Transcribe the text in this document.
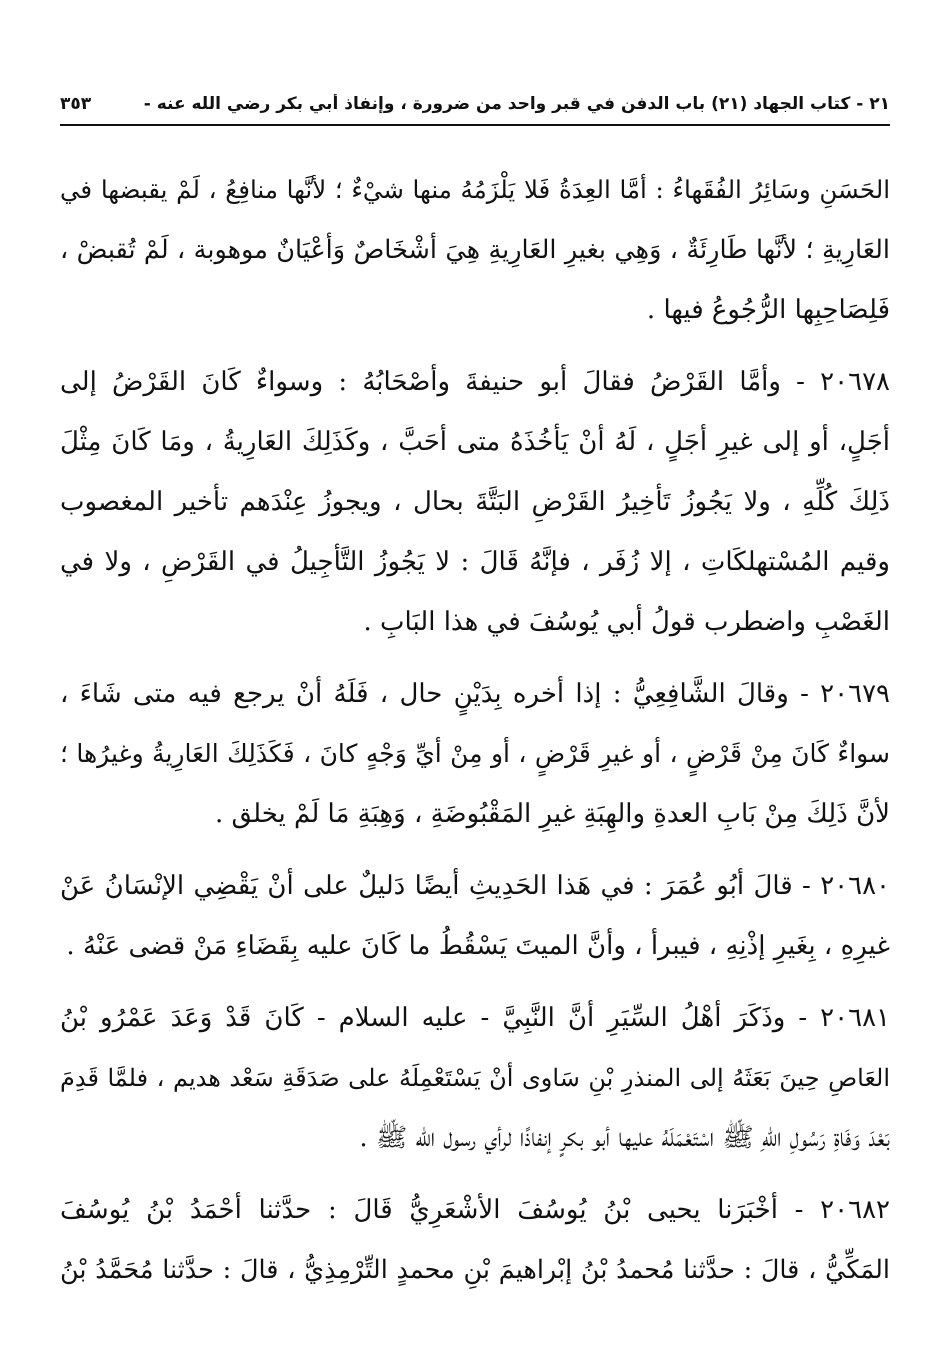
٢١ - كتاب الجهاد (٢١) باب الدفن في قبر واحد من ضرورة ، وإنفاذ أبي بكر رضي الله عنه -
٣٥٣
الحَسَنِ وسَائِرُ الفُقَهاءُ : أمَّا العِدَةُ فَلا يَلْزَمُهُ منها شيْءٌ ؛ لأنَّها منافِعُ ، لَمْ يقبضها في
العَارِيةِ ؛ لأنَّها طَارِئَةٌ ، وَهِي بغيرِ العَارِيةِ هِيَ أشْخَاصٌ وَأعْيَانٌ موهوبة ، لَمْ تُقبضْ ،
فَلِصَاحِبِها الرُّجُوعُ فيها .
٢٠٦٧٨ - وأمَّا القَرْضُ فقالَ أبو حنيفةَ وأصْحَابُهُ : وسواءٌ كَانَ القَرْضُ إلى
أجَلٍ، أو إلى غيرِ أجَلٍ ، لَهُ أنْ يَأخُذَهُ متى أحَبَّ ، وكَذَلِكَ العَارِيةُ ، ومَا كَانَ مِثْلَ
ذَلِكَ كُلِّهِ ، ولا يَجُوزُ تَأخِيرُ القَرْضِ البَتَّةَ بحال ، ويجوزُ عِنْدَهم تأخير المغصوب
وقيم المُسْتهلكَاتِ ، إلا زُفَر ، فإنَّهُ قَالَ : لا يَجُوزُ التَّأجِيلُ في القَرْضِ ، ولا في
الغَصْبِ واضطرب قولُ أبي يُوسُفَ في هذا البَابِ .
٢٠٦٧٩ - وقالَ الشَّافِعِيُّ : إذا أخره بِدَيْنٍ حال ، فَلَهُ أنْ يرجع فيه متى شَاءَ ،
سواءٌ كَانَ مِنْ قَرْضٍ ، أو غيرِ قَرْضٍ ، أو مِنْ أيِّ وَجْهٍ كانَ ، فَكَذَلِكَ العَارِيةُ وغيرُها ؛
لأنَّ ذَلِكَ مِنْ بَابِ العدةِ والهِبَةِ غيرِ المَقْبُوضَةِ ، وَهِبَةِ مَا لَمْ يخلق .
٢٠٦٨٠ - قالَ أبُو عُمَرَ : في هَذا الحَدِيثِ أيضًا دَليلٌ على أنْ يَقْضِي الإنْسَانُ عَنْ
غيرِهِ ، بِغَيرِ إذْنِهِ ، فيبرأ ، وأنَّ الميتَ يَسْقُطُ ما كَانَ عليه بِقَضَاءِ مَنْ قضى عَنْهُ .
٢٠٦٨١ - وذَكَرَ أهْلُ السِّيَرِ أنَّ النَّبِيَّ - عليه السلام - كَانَ قَدْ وَعَدَ عَمْرُو بْنُ
العَاصِ حِينَ بَعَثَهُ إلى المنذرِ بْنِ سَاوى أنْ يَسْتَعْمِلَهُ على صَدَقَةِ سَعْد هديم ، فلمَّا قَدِمَ
بَعْدَ وَفَاةِ رَسُولِ اللهِ ﷺ اسْتَعْمَلَهُ عليها أبو بكرٍ إنفاذًا لرأي رسول الله ﷺ .
٢٠٦٨٢ - أخْبَرَنا يحيى بْنُ يُوسُفَ الأشْعَرِيُّ قَالَ : حدَّثنا أحْمَدُ بْنُ يُوسُفَ
المَكِّيُّ ، قالَ : حدَّثنا مُحمدُ بْنُ إبْراهيمَ بْنِ محمدٍ التِّرْمِذِيُّ ، قالَ : حدَّثنا مُحَمَّدُ بْنُ
